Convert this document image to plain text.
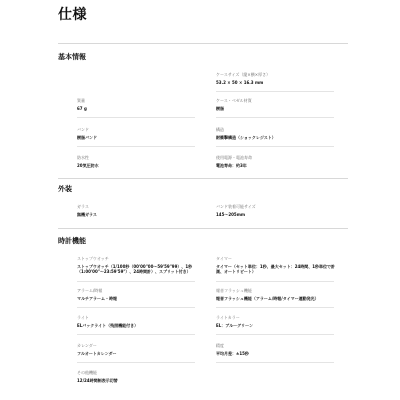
仕様
基本情報
ケースサイズ（縦×横×厚さ）
53.2 × 50 × 16.3 mm
質量
67 g
ケース・ベゼル材質
樹脂
バンド
樹脂バンド
構造
耐衝撃構造（ショックレジスト）
防水性
20気圧防水
使用電源・電池寿命
電池寿命：約3年
外装
ガラス
無機ガラス
バンド装着可能サイズ
145〜205mm
時計機能
ストップウオッチ
ストップウオッチ（1/100秒（00'00"00〜59'59"99）、1秒（1:00'00"〜23:59'59"）、24時間計）、スプリット付き）
タイマー
タイマー（セット単位：1秒、最大セット：24時間、1秒単位で計測、オートリピート）
アラーム/時報
マルチアラーム・時報
報音フラッシュ機能
報音フラッシュ機能（アラーム/時報/タイマー連動発光）
ライト
ELバックライト（残照機能付き）
ライトカラー
EL：ブルーグリーン
カレンダー
フルオートカレンダー
精度
平均月差：±15秒
その他機能
12/24時間制表示切替
